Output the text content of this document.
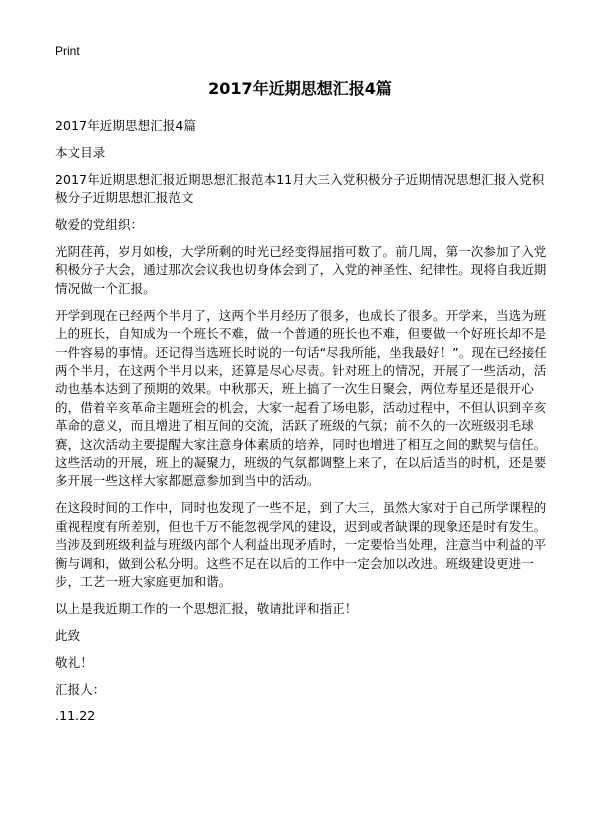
Print
2017年近期思想汇报4篇

2017年近期思想汇报4篇

本文目录

2017年近期思想汇报近期思想汇报范本11月大三入党积极分子近期情况思想汇报入党积极分子近期思想汇报范文

敬爱的党组织：

光阴荏苒，岁月如梭，大学所剩的时光已经变得屈指可数了。前几周，第一次参加了入党积极分子大会，通过那次会议我也切身体会到了，入党的神圣性、纪律性。现将自我近期情况做一个汇报。

开学到现在已经两个半月了，这两个半月经历了很多，也成长了很多。开学来，当选为班上的班长，自知成为一个班长不难，做一个普通的班长也不难，但要做一个好班长却不是一件容易的事情。还记得当选班长时说的一句话“尽我所能，坐我最好！”。现在已经接任两个半月，在这两个半月以来，还算是尽心尽责。针对班上的情况，开展了一些活动，活动也基本达到了预期的效果。中秋那天，班上搞了一次生日聚会，两位寿星还是很开心的，借着辛亥革命主题班会的机会，大家一起看了场电影，活动过程中，不但认识到辛亥革命的意义，而且增进了相互间的交流，活跃了班级的气氛；前不久的一次班级羽毛球赛，这次活动主要提醒大家注意身体素质的培养，同时也增进了相互之间的默契与信任。这些活动的开展，班上的凝聚力，班级的气氛都调整上来了，在以后适当的时机，还是要多开展一些这样大家都愿意参加到当中的活动。

在这段时间的工作中，同时也发现了一些不足，到了大三，虽然大家对于自己所学课程的重视程度有所差别，但也千万不能忽视学风的建设，迟到或者缺课的现象还是时有发生。当涉及到班级利益与班级内部个人利益出现矛盾时，一定要恰当处理，注意当中利益的平衡与调和，做到公私分明。这些不足在以后的工作中一定会加以改进。班级建设更进一步，工艺一班大家庭更加和谐。

以上是我近期工作的一个思想汇报，敬请批评和指正！

此致

敬礼！

汇报人：

.11.22
